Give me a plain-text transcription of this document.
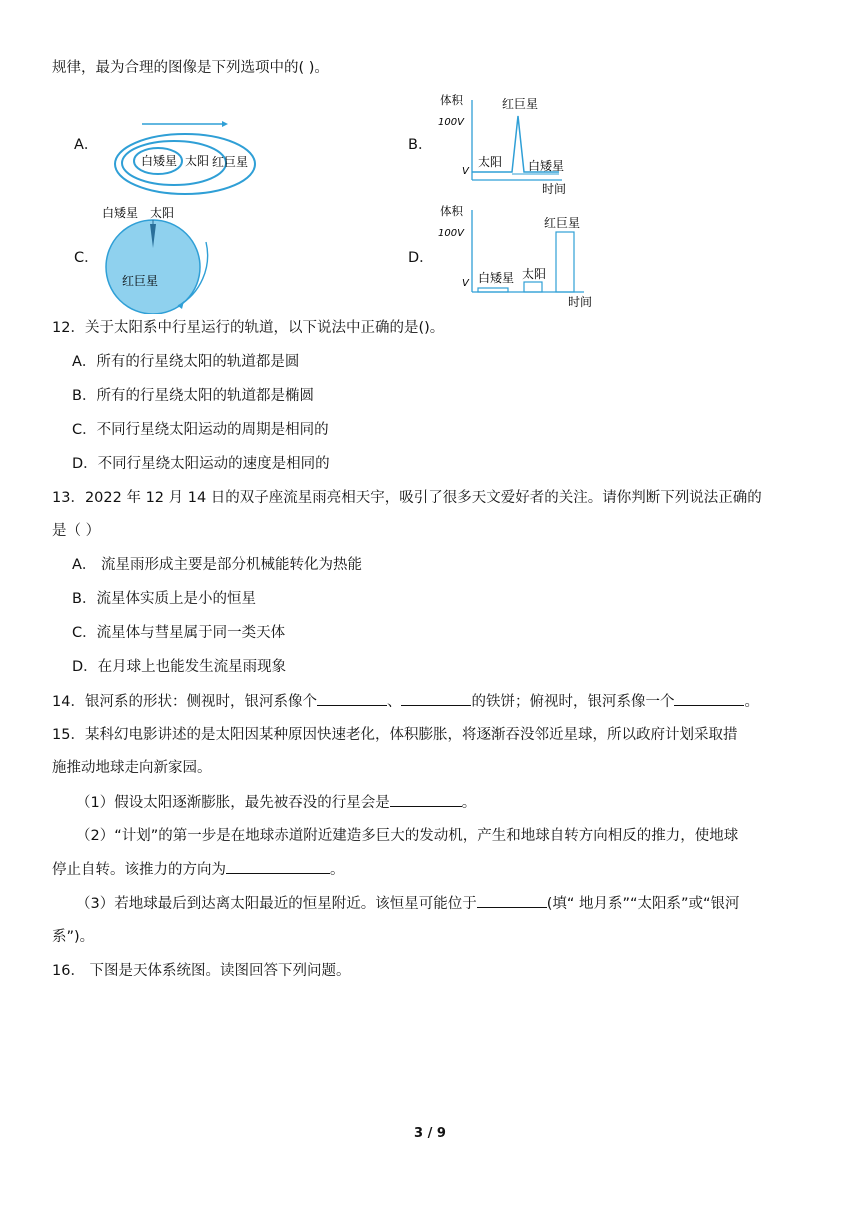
规律，最为合理的图像是下列选项中的( )。
A．
白矮星 太阳 红巨星
B．
体积
100V
V
红巨星
太阳 白矮星
时间
C．
白矮星 太阳
红巨星
D．
体积
100V
V
红巨星
白矮星 太阳
时间
12．关于太阳系中行星运行的轨道，以下说法中正确的是()。
A．所有的行星绕太阳的轨道都是圆
B．所有的行星绕太阳的轨道都是椭圆
C．不同行星绕太阳运动的周期是相同的
D．不同行星绕太阳运动的速度是相同的
13．2022 年 12 月 14 日的双子座流星雨亮相天宇，吸引了很多天文爱好者的关注。请你判断下列说法正确的
是（ ）
A． 流星雨形成主要是部分机械能转化为热能
B．流星体实质上是小的恒星
C．流星体与彗星属于同一类天体
D．在月球上也能发生流星雨现象
14．银河系的形状：侧视时，银河系像个	、	的铁饼；俯视时，银河系像一个	。
15．某科幻电影讲述的是太阳因某种原因快速老化，体积膨胀，将逐渐吞没邻近星球，所以政府计划采取措
施推动地球走向新家园。
（1）假设太阳逐渐膨胀，最先被吞没的行星会是	。
（2）“计划”的第一步是在地球赤道附近建造多巨大的发动机，产生和地球自转方向相反的推力，使地球
停止自转。该推力的方向为	。
（3）若地球最后到达离太阳最近的恒星附近。该恒星可能位于	(填“ 地月系”“太阳系”或“银河
系”)。
16． 下图是天体系统图。读图回答下列问题。
3 / 9
